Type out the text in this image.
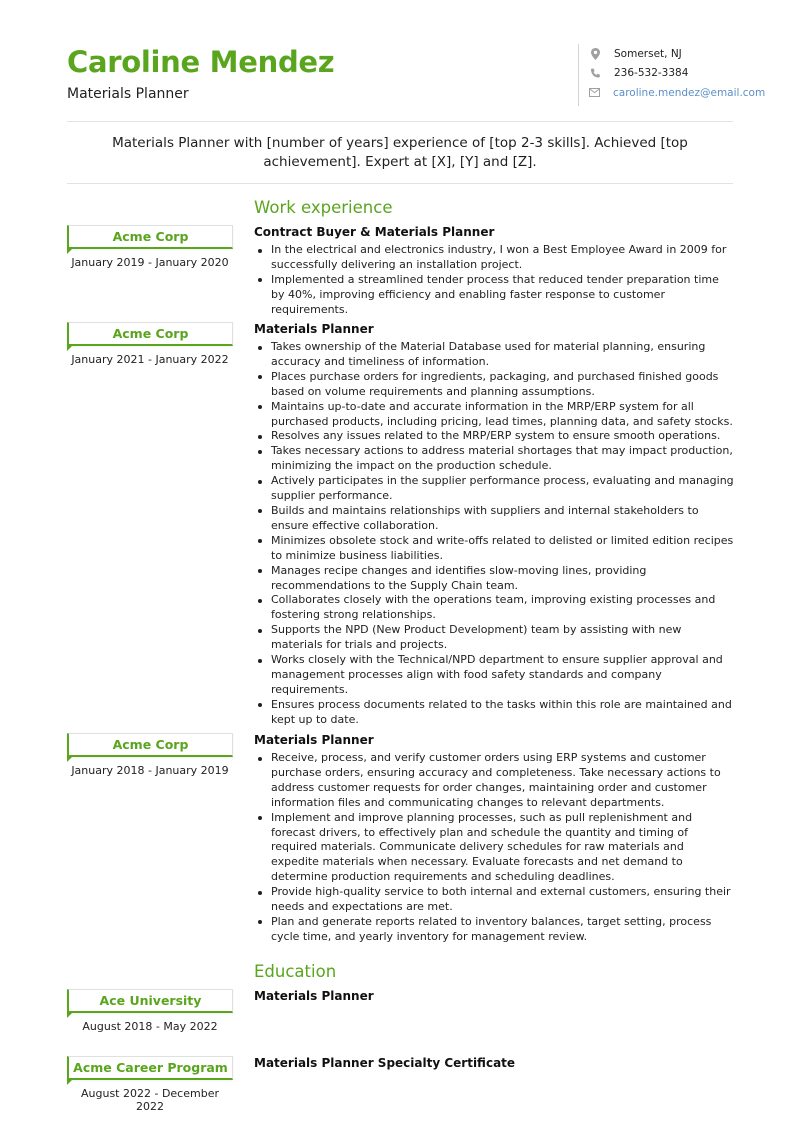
Caroline Mendez
Materials Planner
Somerset, NJ
236-532-3384
caroline.mendez@email.com
Materials Planner with [number of years] experience of [top 2-3 skills]. Achieved [top achievement]. Expert at [X], [Y] and [Z].
Work experience
Acme Corp
January 2019 - January 2020
Contract Buyer & Materials Planner
In the electrical and electronics industry, I won a Best Employee Award in 2009 for successfully delivering an installation project.
Implemented a streamlined tender process that reduced tender preparation time by 40%, improving efficiency and enabling faster response to customer requirements.
Acme Corp
January 2021 - January 2022
Materials Planner
Takes ownership of the Material Database used for material planning, ensuring accuracy and timeliness of information.
Places purchase orders for ingredients, packaging, and purchased finished goods based on volume requirements and planning assumptions.
Maintains up-to-date and accurate information in the MRP/ERP system for all purchased products, including pricing, lead times, planning data, and safety stocks.
Resolves any issues related to the MRP/ERP system to ensure smooth operations.
Takes necessary actions to address material shortages that may impact production, minimizing the impact on the production schedule.
Actively participates in the supplier performance process, evaluating and managing supplier performance.
Builds and maintains relationships with suppliers and internal stakeholders to ensure effective collaboration.
Minimizes obsolete stock and write-offs related to delisted or limited edition recipes to minimize business liabilities.
Manages recipe changes and identifies slow-moving lines, providing recommendations to the Supply Chain team.
Collaborates closely with the operations team, improving existing processes and fostering strong relationships.
Supports the NPD (New Product Development) team by assisting with new materials for trials and projects.
Works closely with the Technical/NPD department to ensure supplier approval and management processes align with food safety standards and company requirements.
Ensures process documents related to the tasks within this role are maintained and kept up to date.
Acme Corp
January 2018 - January 2019
Materials Planner
Receive, process, and verify customer orders using ERP systems and customer purchase orders, ensuring accuracy and completeness. Take necessary actions to address customer requests for order changes, maintaining order and customer information files and communicating changes to relevant departments.
Implement and improve planning processes, such as pull replenishment and forecast drivers, to effectively plan and schedule the quantity and timing of required materials. Communicate delivery schedules for raw materials and expedite materials when necessary. Evaluate forecasts and net demand to determine production requirements and scheduling deadlines.
Provide high-quality service to both internal and external customers, ensuring their needs and expectations are met.
Plan and generate reports related to inventory balances, target setting, process cycle time, and yearly inventory for management review.
Education
Ace University
August 2018 - May 2022
Materials Planner
Acme Career Program
August 2022 - December 2022
Materials Planner Specialty Certificate
